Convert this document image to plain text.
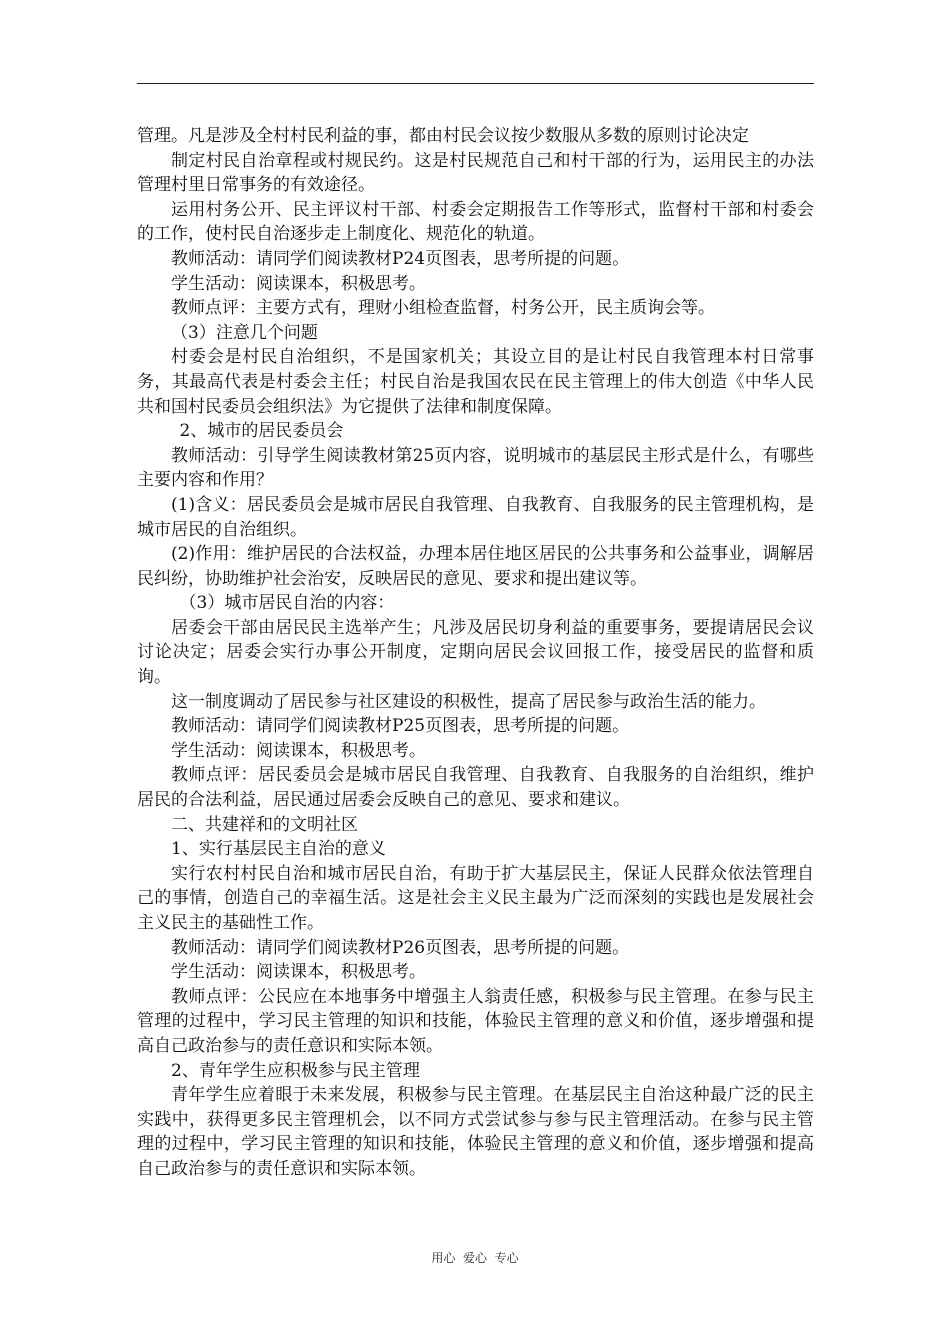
管理。凡是涉及全村村民利益的事，都由村民会议按少数服从多数的原则讨论决定

制定村民自治章程或村规民约。这是村民规范自己和村干部的行为，运用民主的办法管理村里日常事务的有效途径。

运用村务公开、民主评议村干部、村委会定期报告工作等形式，监督村干部和村委会的工作，使村民自治逐步走上制度化、规范化的轨道。

教师活动：请同学们阅读教材P24页图表，思考所提的问题。

学生活动：阅读课本，积极思考。

教师点评：主要方式有，理财小组检查监督，村务公开，民主质询会等。

（3）注意几个问题

村委会是村民自治组织，不是国家机关；其设立目的是让村民自我管理本村日常事务，其最高代表是村委会主任；村民自治是我国农民在民主管理上的伟大创造《中华人民共和国村民委员会组织法》为它提供了法律和制度保障。

2、城市的居民委员会

教师活动：引导学生阅读教材第25页内容，说明城市的基层民主形式是什么，有哪些主要内容和作用？

(1)含义：居民委员会是城市居民自我管理、自我教育、自我服务的民主管理机构，是城市居民的自治组织。

(2)作用：维护居民的合法权益，办理本居住地区居民的公共事务和公益事业，调解居民纠纷，协助维护社会治安，反映居民的意见、要求和提出建议等。

（3）城市居民自治的内容：

居委会干部由居民民主选举产生；凡涉及居民切身利益的重要事务，要提请居民会议讨论决定；居委会实行办事公开制度，定期向居民会议回报工作，接受居民的监督和质询。

这一制度调动了居民参与社区建设的积极性，提高了居民参与政治生活的能力。

教师活动：请同学们阅读教材P25页图表，思考所提的问题。

学生活动：阅读课本，积极思考。

教师点评：居民委员会是城市居民自我管理、自我教育、自我服务的自治组织，维护居民的合法利益，居民通过居委会反映自己的意见、要求和建议。

二、共建祥和的文明社区

1、实行基层民主自治的意义

实行农村村民自治和城市居民自治，有助于扩大基层民主，保证人民群众依法管理自己的事情，创造自己的幸福生活。这是社会主义民主最为广泛而深刻的实践也是发展社会主义民主的基础性工作。

教师活动：请同学们阅读教材P26页图表，思考所提的问题。

学生活动：阅读课本，积极思考。

教师点评：公民应在本地事务中增强主人翁责任感，积极参与民主管理。在参与民主管理的过程中，学习民主管理的知识和技能，体验民主管理的意义和价值，逐步增强和提高自己政治参与的责任意识和实际本领。

2、青年学生应积极参与民主管理

青年学生应着眼于未来发展，积极参与民主管理。在基层民主自治这种最广泛的民主实践中，获得更多民主管理机会，以不同方式尝试参与参与民主管理活动。在参与民主管理的过程中，学习民主管理的知识和技能，体验民主管理的意义和价值，逐步增强和提高自己政治参与的责任意识和实际本领。

用心  爱心  专心
